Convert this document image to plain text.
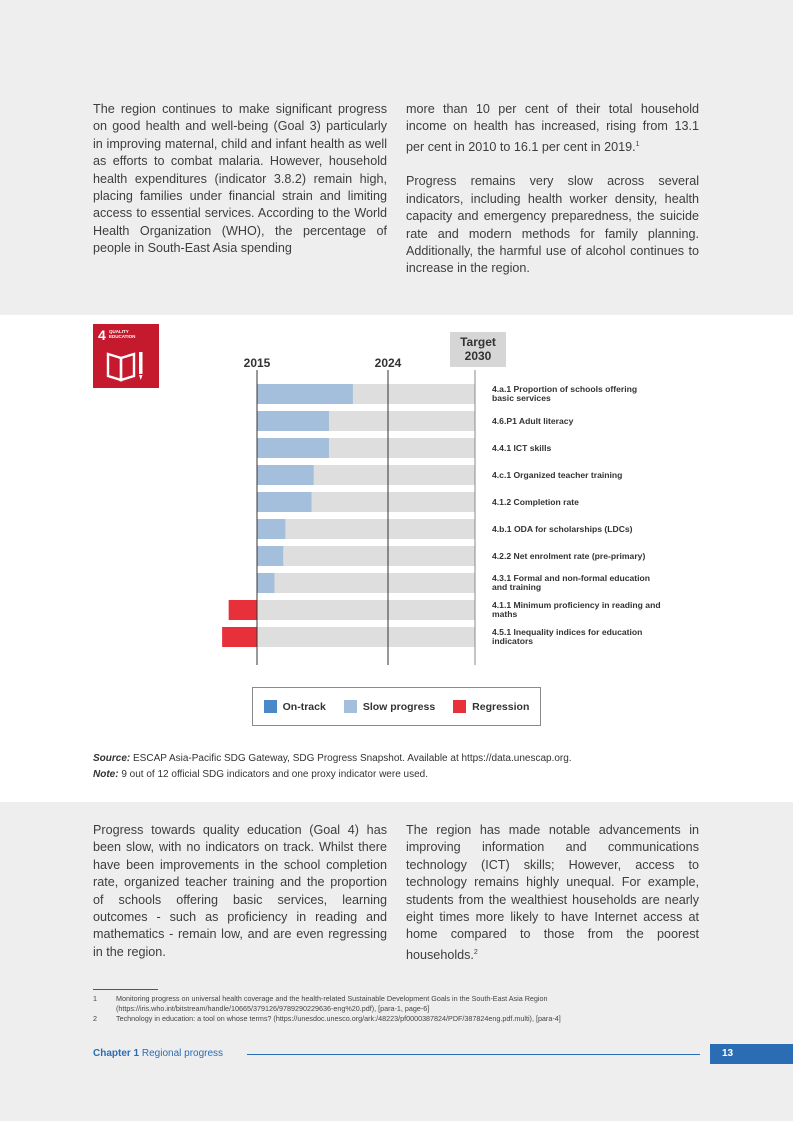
The region continues to make significant progress on good health and well-being (Goal 3) particularly in improving maternal, child and infant health as well as efforts to combat malaria. However, household health expenditures (indicator 3.8.2) remain high, placing families under financial strain and limiting access to essential services. According to the World Health Organization (WHO), the percentage of people in South-East Asia spending

more than 10 per cent of their total household income on health has increased, rising from 13.1 per cent in 2010 to 16.1 per cent in 2019.$^1$

Progress remains very slow across several indicators, including health worker density, health capacity and emergency preparedness, the suicide rate and modern methods for family planning. Additionally, the harmful use of alcohol continues to increase in the region.

4 QUALITY
EDUCATION	Target
2030
2015	2024
4.a.1 Proportion of schools offering basic services
4.6.P1 Adult literacy
4.4.1 ICT skills
4.c.1 Organized teacher training
4.1.2 Completion rate
4.b.1 ODA for scholarships (LDCs)
4.2.2 Net enrolment rate (pre-primary)
4.3.1 Formal and non-formal education and training
4.1.1 Minimum proficiency in reading and maths
4.5.1 Inequality indices for education indicators
On-track	Slow progress	Regression
Source: ESCAP Asia-Pacific SDG Gateway, SDG Progress Snapshot. Available at https://data.unescap.org.
Note: 9 out of 12 official SDG indicators and one proxy indicator were used.

Progress towards quality education (Goal 4) has been slow, with no indicators on track. Whilst there have been improvements in the school completion rate, organized teacher training and the proportion of schools offering basic services, learning outcomes - such as proficiency in reading and mathematics - remain low, and are even regressing in the region.

The region has made notable advancements in improving information and communications technology (ICT) skills; However, access to technology remains highly unequal. For example, students from the wealthiest households are nearly eight times more likely to have Internet access at home compared to those from the poorest households.$^2$

1	Monitoring progress on universal health coverage and the health-related Sustainable Development Goals in the South-East Asia Region (https://iris.who.int/bitstream/handle/10665/379126/9789290229636-eng%20.pdf), [para-1, page-6]
2	Technology in education: a tool on whose terms? (https://unesdoc.unesco.org/ark:/48223/pf0000387824/PDF/387824eng.pdf.multi), [para-4]
Chapter 1 Regional progress	13
